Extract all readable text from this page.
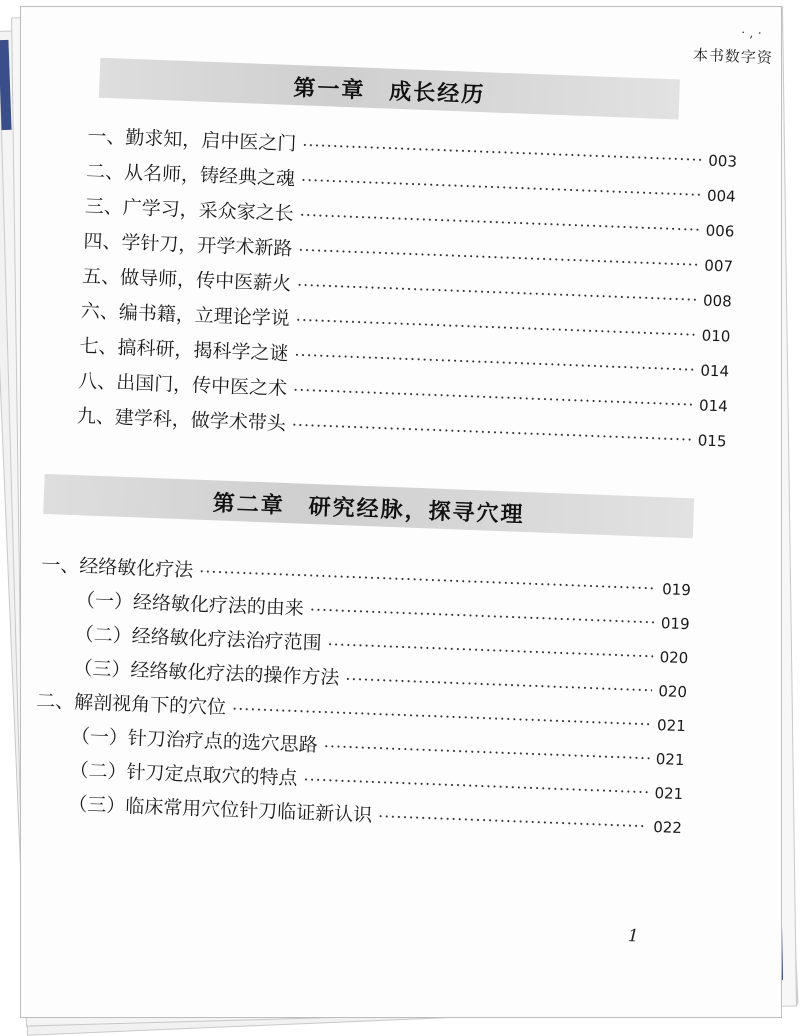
· , ·
本书数字资
第一章　成长经历
一、勤求知，启中医之门
·····
003
二、从名师，铸经典之魂
·····
004
三、广学习，采众家之长
·····
006
四、学针刀，开学术新路
·····
007
五、做导师，传中医薪火
·····
008
六、编书籍，立理论学说
·····
010
七、搞科研，揭科学之谜
·····
014
八、出国门，传中医之术
·····
014
九、建学科，做学术带头
·····
015
第二章　研究经脉，探寻穴理
一、经络敏化疗法
·····
019
（一）经络敏化疗法的由来
·····
019
（二）经络敏化疗法治疗范围
·····
020
（三）经络敏化疗法的操作方法
·····
020
二、解剖视角下的穴位
·····
021
（一）针刀治疗点的选穴思路
·····
021
（二）针刀定点取穴的特点
·····
021
（三）临床常用穴位针刀临证新认识
·····
022
1
